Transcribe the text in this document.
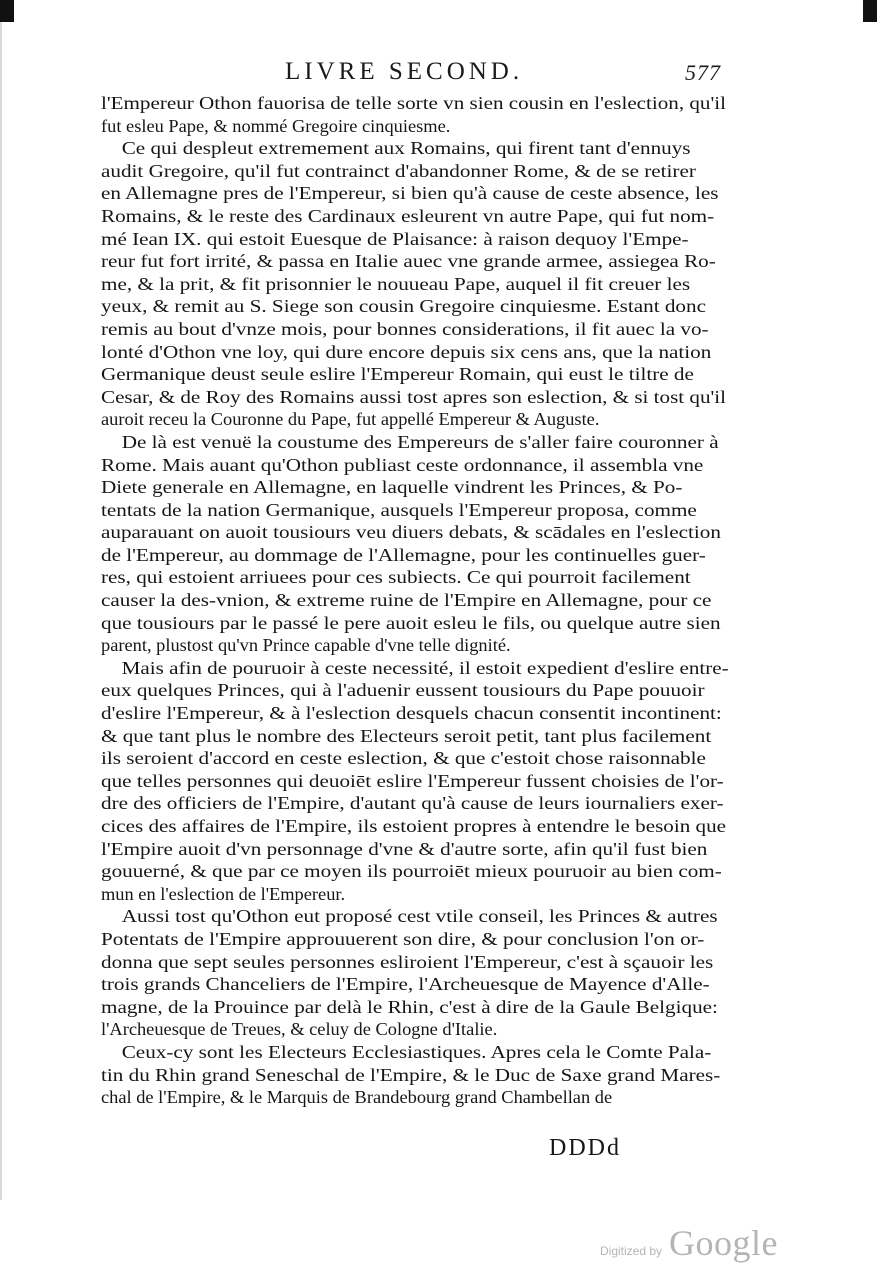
LIVRE SECOND.	577
l'Empereur Othon fauorisa de telle sorte vn sien cousin en l'eslection, qu'il
fut esleu Pape, & nommé Gregoire cinquiesme.
Ce qui despleut extremement aux Romains, qui firent tant d'ennuys
audit Gregoire, qu'il fut contrainct d'abandonner Rome, & de se retirer
en Allemagne pres de l'Empereur, si bien qu'à cause de ceste absence, les
Romains, & le reste des Cardinaux esleurent vn autre Pape, qui fut nom-
mé Iean IX. qui estoit Euesque de Plaisance: à raison dequoy l'Empe-
reur fut fort irrité, & passa en Italie auec vne grande armee, assiegea Ro-
me, & la prit, & fit prisonnier le nouueau Pape, auquel il fit creuer les
yeux, & remit au S. Siege son cousin Gregoire cinquiesme. Estant donc
remis au bout d'vnze mois, pour bonnes considerations, il fit auec la vo-
lonté d'Othon vne loy, qui dure encore depuis six cens ans, que la nation
Germanique deust seule eslire l'Empereur Romain, qui eust le tiltre de
Cesar, & de Roy des Romains aussi tost apres son eslection, & si tost qu'il
auroit receu la Couronne du Pape, fut appellé Empereur & Auguste.
De là est venuë la coustume des Empereurs de s'aller faire couronner à
Rome. Mais auant qu'Othon publiast ceste ordonnance, il assembla vne
Diete generale en Allemagne, en laquelle vindrent les Princes, & Po-
tentats de la nation Germanique, ausquels l'Empereur proposa, comme
auparauant on auoit tousiours veu diuers debats, & scādales en l'eslection
de l'Empereur, au dommage de l'Allemagne, pour les continuelles guer-
res, qui estoient arriuees pour ces subiects. Ce qui pourroit facilement
causer la des-vnion, & extreme ruine de l'Empire en Allemagne, pour ce
que tousiours par le passé le pere auoit esleu le fils, ou quelque autre sien
parent, plustost qu'vn Prince capable d'vne telle dignité.
Mais afin de pouruoir à ceste necessité, il estoit expedient d'eslire entre-
eux quelques Princes, qui à l'aduenir eussent tousiours du Pape pouuoir
d'eslire l'Empereur, & à l'eslection desquels chacun consentit incontinent:
& que tant plus le nombre des Electeurs seroit petit, tant plus facilement
ils seroient d'accord en ceste eslection, & que c'estoit chose raisonnable
que telles personnes qui deuoiēt eslire l'Empereur fussent choisies de l'or-
dre des officiers de l'Empire, d'autant qu'à cause de leurs iournaliers exer-
cices des affaires de l'Empire, ils estoient propres à entendre le besoin que
l'Empire auoit d'vn personnage d'vne & d'autre sorte, afin qu'il fust bien
gouuerné, & que par ce moyen ils pourroiēt mieux pouruoir au bien com-
mun en l'eslection de l'Empereur.
Aussi tost qu'Othon eut proposé cest vtile conseil, les Princes & autres
Potentats de l'Empire approuuerent son dire, & pour conclusion l'on or-
donna que sept seules personnes esliroient l'Empereur, c'est à sçauoir les
trois grands Chanceliers de l'Empire, l'Archeuesque de Mayence d'Alle-
magne, de la Prouince par delà le Rhin, c'est à dire de la Gaule Belgique:
l'Archeuesque de Treues, & celuy de Cologne d'Italie.
Ceux-cy sont les Electeurs Ecclesiastiques. Apres cela le Comte Pala-
tin du Rhin grand Seneschal de l'Empire, & le Duc de Saxe grand Mares-
chal de l'Empire, & le Marquis de Brandebourg grand Chambellan de
DDDd
Digitized by Google
